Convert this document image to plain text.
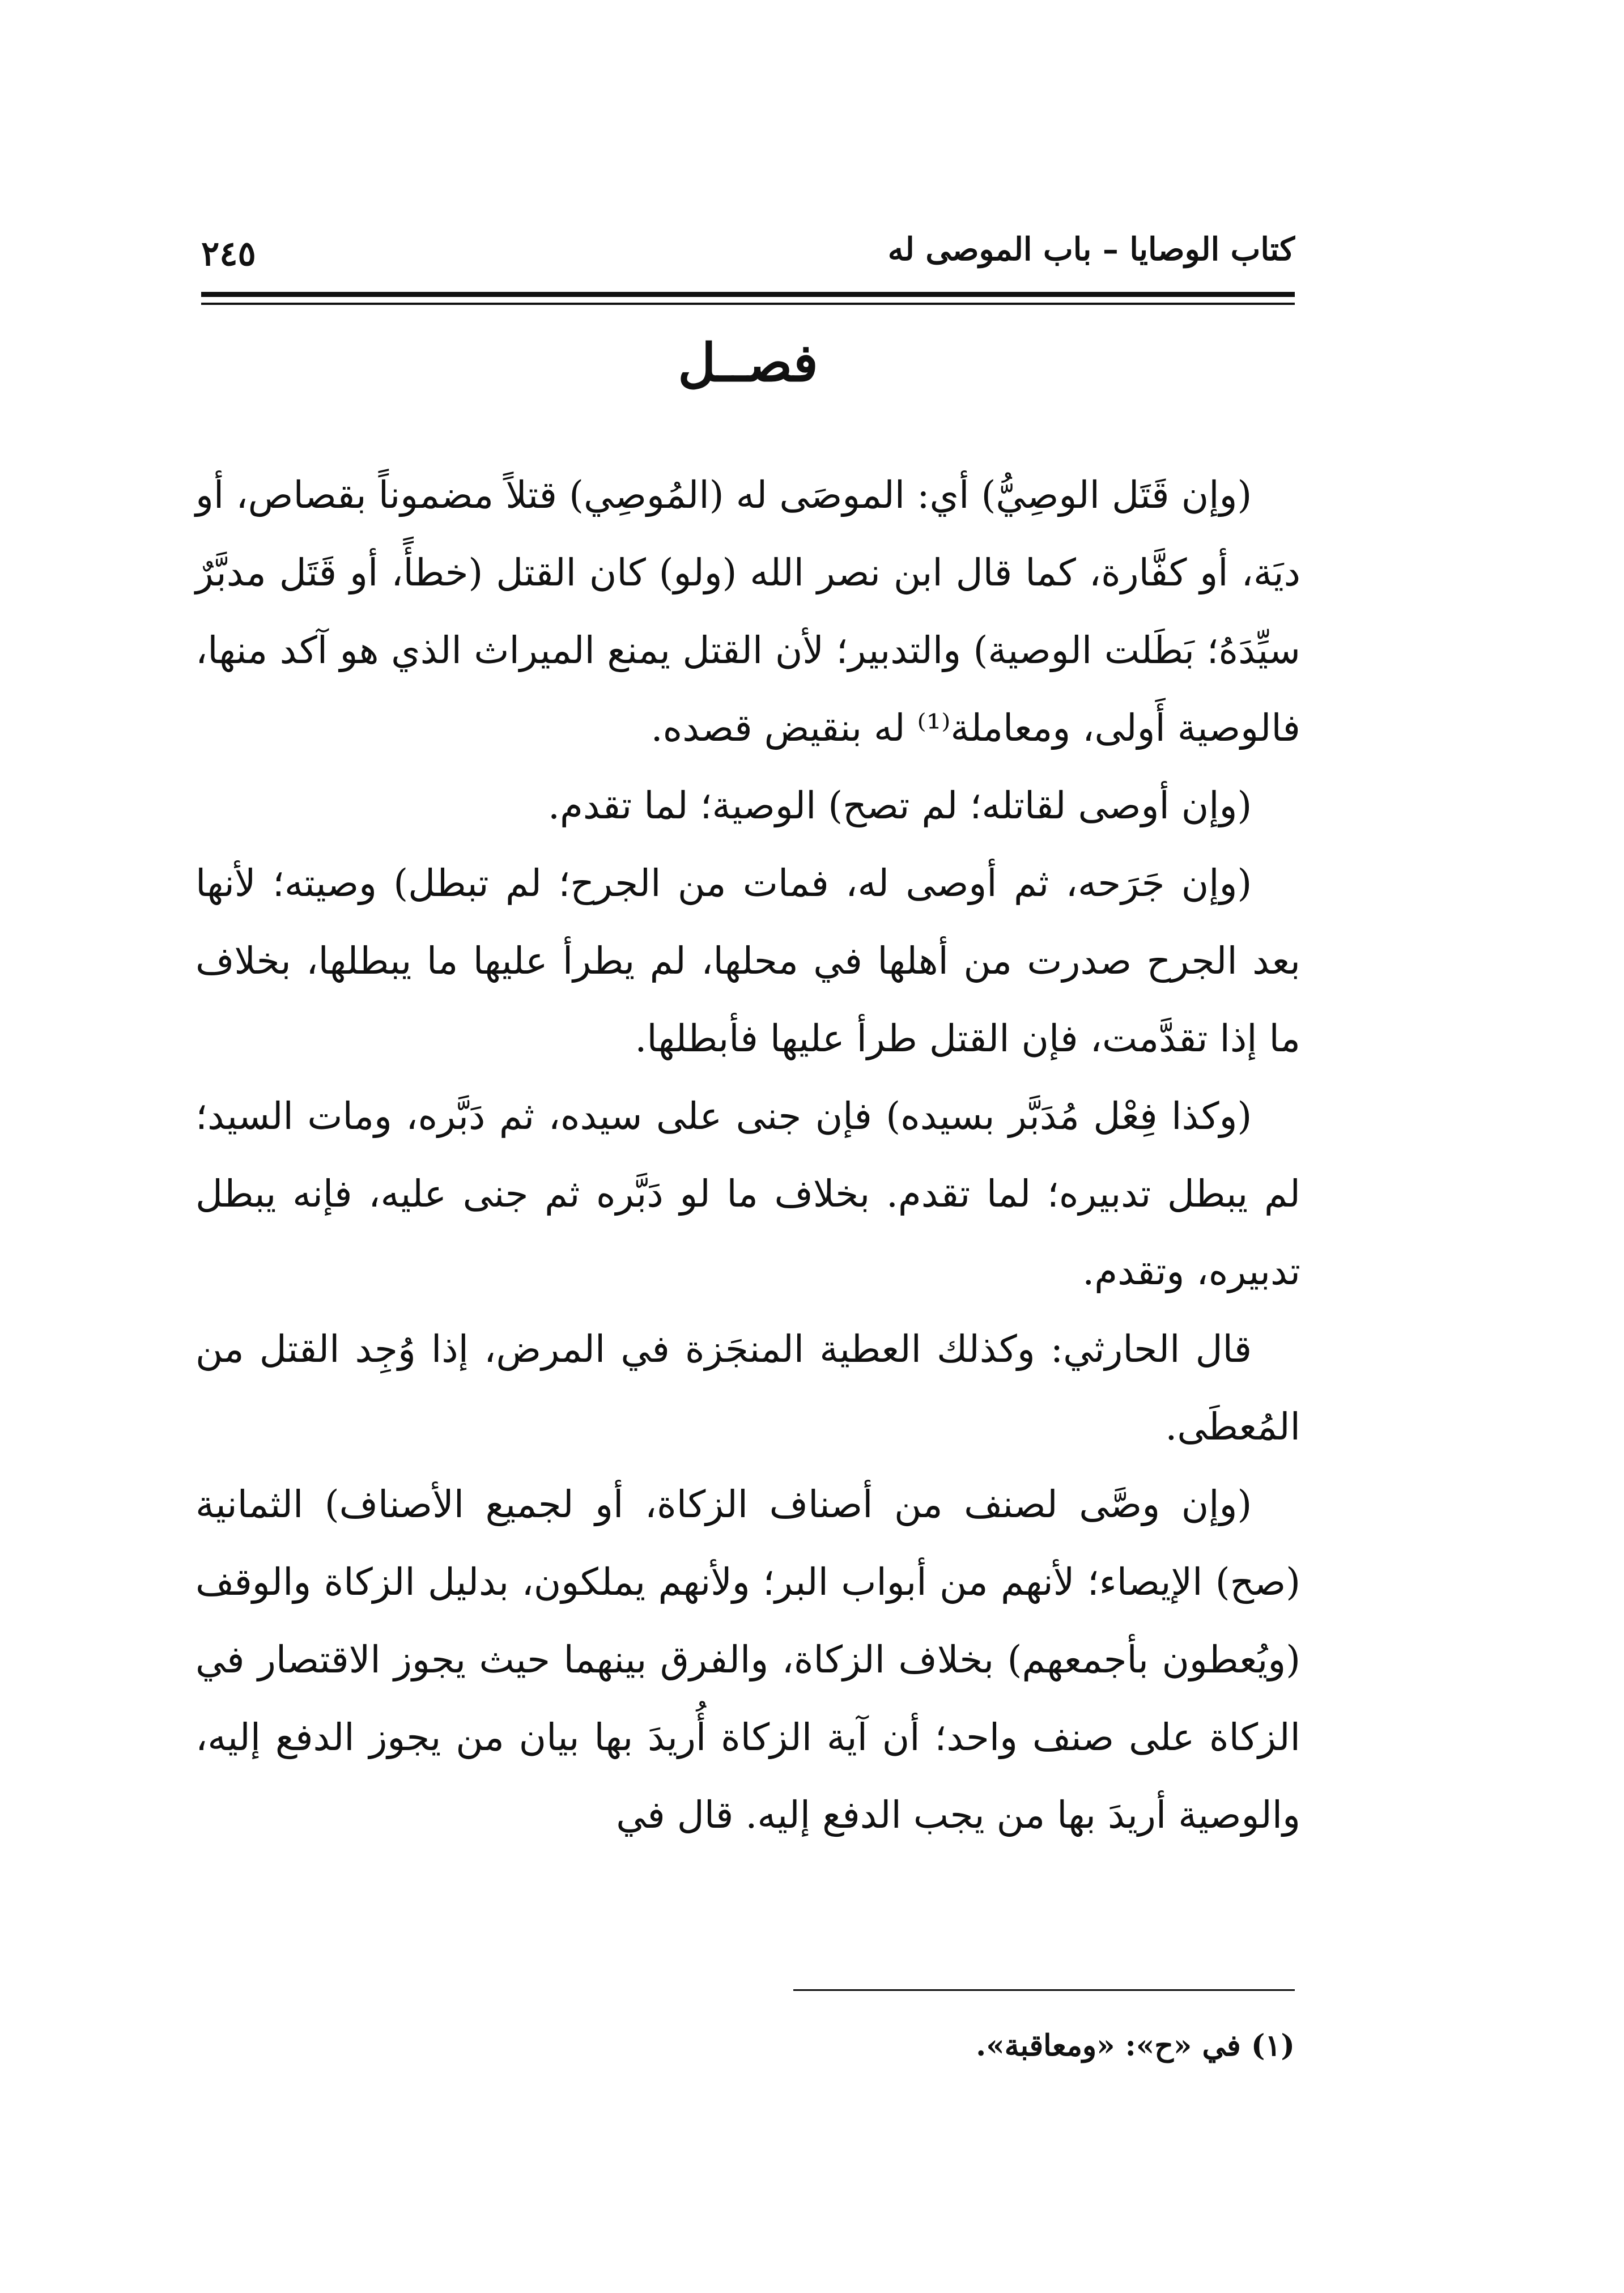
كتاب الوصايا – باب الموصى له
٢٤٥
فصــل

(وإن قَتَل الوصِيُّ) أي: الموصَى له (المُوصِي) قتلاً مضموناً بقصاص، أو ديَة، أو كفَّارة، كما قال ابن نصر الله (ولو) كان القتل (خطأً، أو قَتَل مدبَّرٌ سيِّدَهُ؛ بَطَلت الوصية) والتدبير؛ لأن القتل يمنع الميراث الذي هو آكد منها، فالوصية أَولى، ومعاملة⁽¹⁾ له بنقيض قصده.

(وإن أوصى لقاتله؛ لم تصح) الوصية؛ لما تقدم.

(وإن جَرَحه، ثم أوصى له، فمات من الجرح؛ لم تبطل) وصيته؛ لأنها بعد الجرح صدرت من أهلها في محلها، لم يطرأ عليها ما يبطلها، بخلاف ما إذا تقدَّمت، فإن القتل طرأ عليها فأبطلها.

(وكذا فِعْل مُدَبَّر بسيده) فإن جنى على سيده، ثم دَبَّره، ومات السيد؛ لم يبطل تدبيره؛ لما تقدم. بخلاف ما لو دَبَّره ثم جنى عليه، فإنه يبطل تدبيره، وتقدم.

قال الحارثي: وكذلك العطية المنجَزة في المرض، إذا وُجِد القتل من المُعطَى.

(وإن وصَّى لصنف من أصناف الزكاة، أو لجميع الأصناف) الثمانية (صح) الإيصاء؛ لأنهم من أبواب البر؛ ولأنهم يملكون، بدليل الزكاة والوقف (ويُعطون بأجمعهم) بخلاف الزكاة، والفرق بينهما حيث يجوز الاقتصار في الزكاة على صنف واحد؛ أن آية الزكاة أُريدَ بها بيان من يجوز الدفع إليه، والوصية أريدَ بها من يجب الدفع إليه. قال في

(١) في «ح»: «ومعاقبة».
